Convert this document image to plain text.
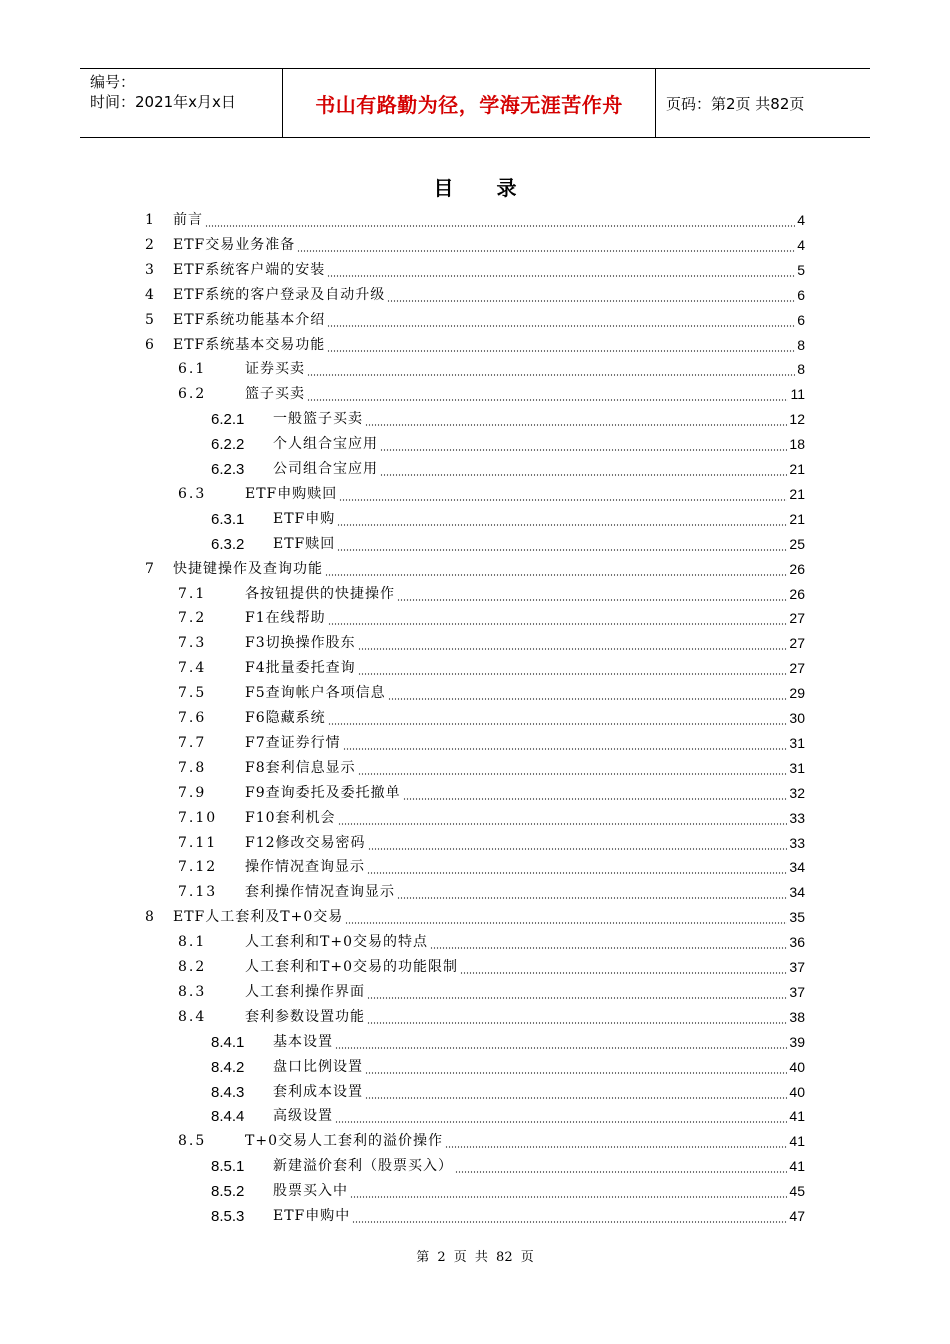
编号：
时间：2021年x月x日	书山有路勤为径，学海无涯苦作舟	页码：第2页 共82页
目 录
1 前言	4
2 ETF交易业务准备	4
3 ETF系统客户端的安装	5
4 ETF系统的客户登录及自动升级	6
5 ETF系统功能基本介绍	6
6 ETF系统基本交易功能	8
6.1	证券买卖	8
6.2	篮子买卖	11
6.2.1 一般篮子买卖	12
6.2.2 个人组合宝应用	18
6.2.3 公司组合宝应用	21
6.3	ETF申购赎回	21
6.3.1 ETF申购	21
6.3.2 ETF赎回	25
7 快捷键操作及查询功能	26
7.1	各按钮提供的快捷操作	26
7.2	F1在线帮助	27
7.3	F3切换操作股东	27
7.4	F4批量委托查询	27
7.5	F5查询帐户各项信息	29
7.6	F6隐藏系统	30
7.7	F7查证券行情	31
7.8	F8套利信息显示	31
7.9	F9查询委托及委托撤单	32
7.10 F10套利机会	33
7.11 F12修改交易密码	33
7.12 操作情况查询显示	34
7.13 套利操作情况查询显示	34
8 ETF人工套利及T+0交易	35
8.1	人工套利和T+0交易的特点	36
8.2	人工套利和T+0交易的功能限制	37
8.3	人工套利操作界面	37
8.4	套利参数设置功能	38
8.4.1 基本设置	39
8.4.2 盘口比例设置	40
8.4.3 套利成本设置	40
8.4.4 高级设置	41
8.5	T+0交易人工套利的溢价操作	41
8.5.1 新建溢价套利（股票买入）	41
8.5.2 股票买入中	45
8.5.3 ETF申购中	47
第 2 页 共 82 页
